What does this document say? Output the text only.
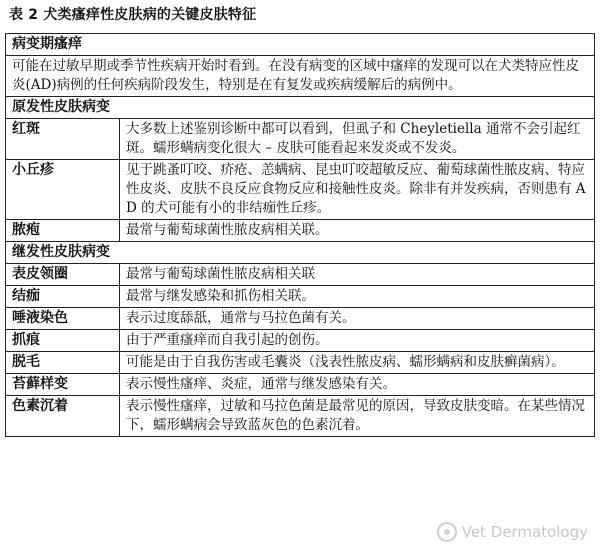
表 2 犬类瘙痒性皮肤病的关键皮肤特征
病变期瘙痒	
可能在过敏早期或季节性疾病开始时看到。在没有病变的区域中瘙痒的发现可以在犬类特应性皮炎(AD)病例的任何疾病阶段发生，特别是在有复发或疾病缓解后的病例中。	
原发性皮肤病变	
红斑	大多数上述鉴别诊断中都可以看到，但虱子和 Cheyletiella 通常不会引起红斑。蠕形螨病变化很大 – 皮肤可能看起来发炎或不发炎。
小丘疹	见于跳蚤叮咬、疥疮、恙螨病、昆虫叮咬超敏反应、葡萄球菌性脓皮病、特应性皮炎、皮肤不良反应食物反应和接触性皮炎。除非有并发疾病，否则患有 AD 的犬可能有小的非结痂性丘疹。
脓疱	最常与葡萄球菌性脓皮病相关联。
继发性皮肤病变	
表皮领圈	最常与葡萄球菌性脓皮病相关联
结痂	最常与继发感染和抓伤相关联。
唾液染色	表示过度舔舐，通常与马拉色菌有关。
抓痕	由于严重瘙痒而自我引起的创伤。
脱毛	可能是由于自我伤害或毛囊炎（浅表性脓皮病、蠕形螨病和皮肤癣菌病）。
苔藓样变	表示慢性瘙痒、炎症，通常与继发感染有关。
色素沉着	表示慢性瘙痒，过敏和马拉色菌是最常见的原因，导致皮肤变暗。在某些情况下，蠕形螨病会导致蓝灰色的色素沉着。
Vet Dermatology
